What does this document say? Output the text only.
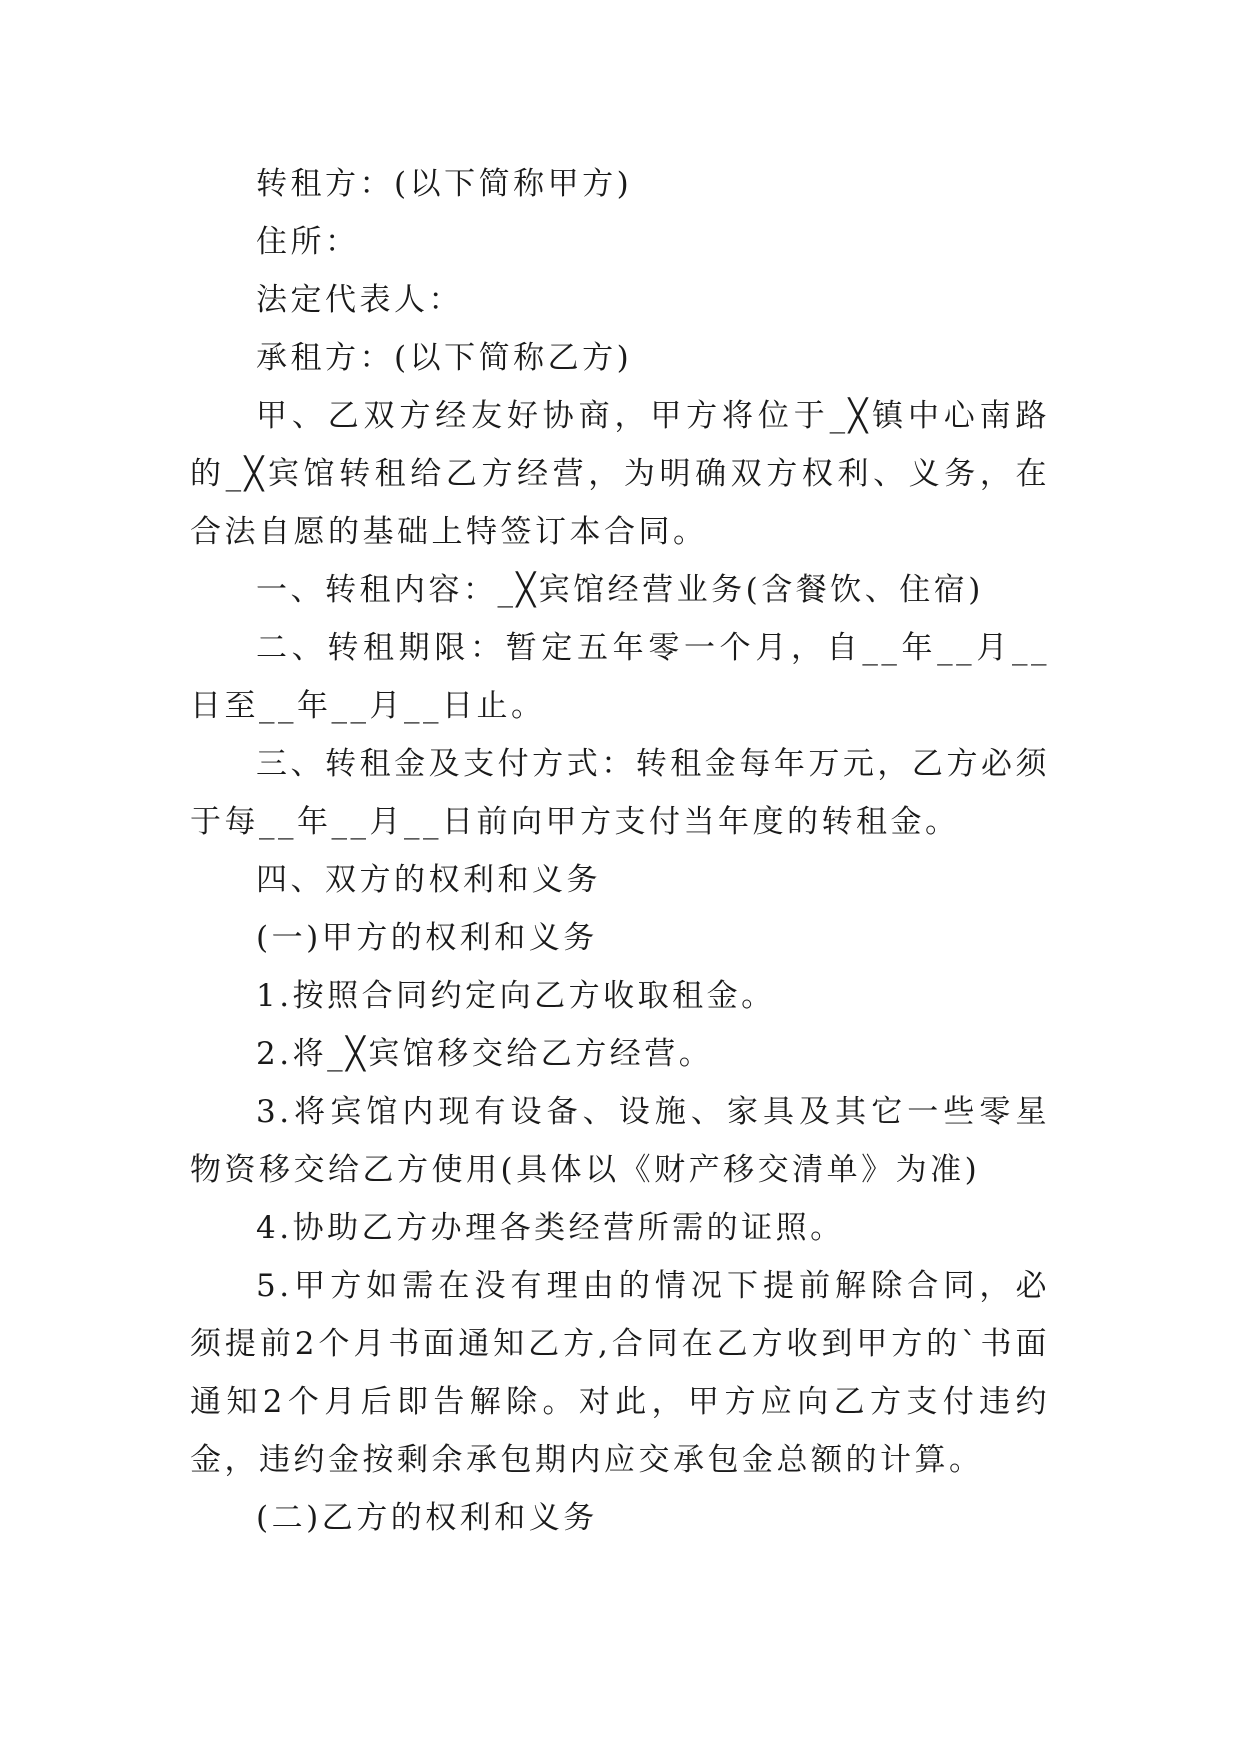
转租方：(以下简称甲方)

住所：

法定代表人：

承租方：(以下简称乙方)

甲、乙双方经友好协商，甲方将位于_╳镇中心南路的_╳宾馆转租给乙方经营，为明确双方权利、义务，在合法自愿的基础上特签订本合同。

一、转租内容：_╳宾馆经营业务(含餐饮、住宿)

二、转租期限：暂定五年零一个月，自__年__月__日至__年__月__日止。

三、转租金及支付方式：转租金每年万元，乙方必须于每__年__月__日前向甲方支付当年度的转租金。

四、双方的权利和义务

(一)甲方的权利和义务

1.按照合同约定向乙方收取租金。

2.将_╳宾馆移交给乙方经营。

3.将宾馆内现有设备、设施、家具及其它一些零星物资移交给乙方使用(具体以《财产移交清单》为准)

4.协助乙方办理各类经营所需的证照。

5.甲方如需在没有理由的情况下提前解除合同，必须提前2个月书面通知乙方,合同在乙方收到甲方的`书面通知2个月后即告解除。对此，甲方应向乙方支付违约金，违约金按剩余承包期内应交承包金总额的计算。

(二)乙方的权利和义务
